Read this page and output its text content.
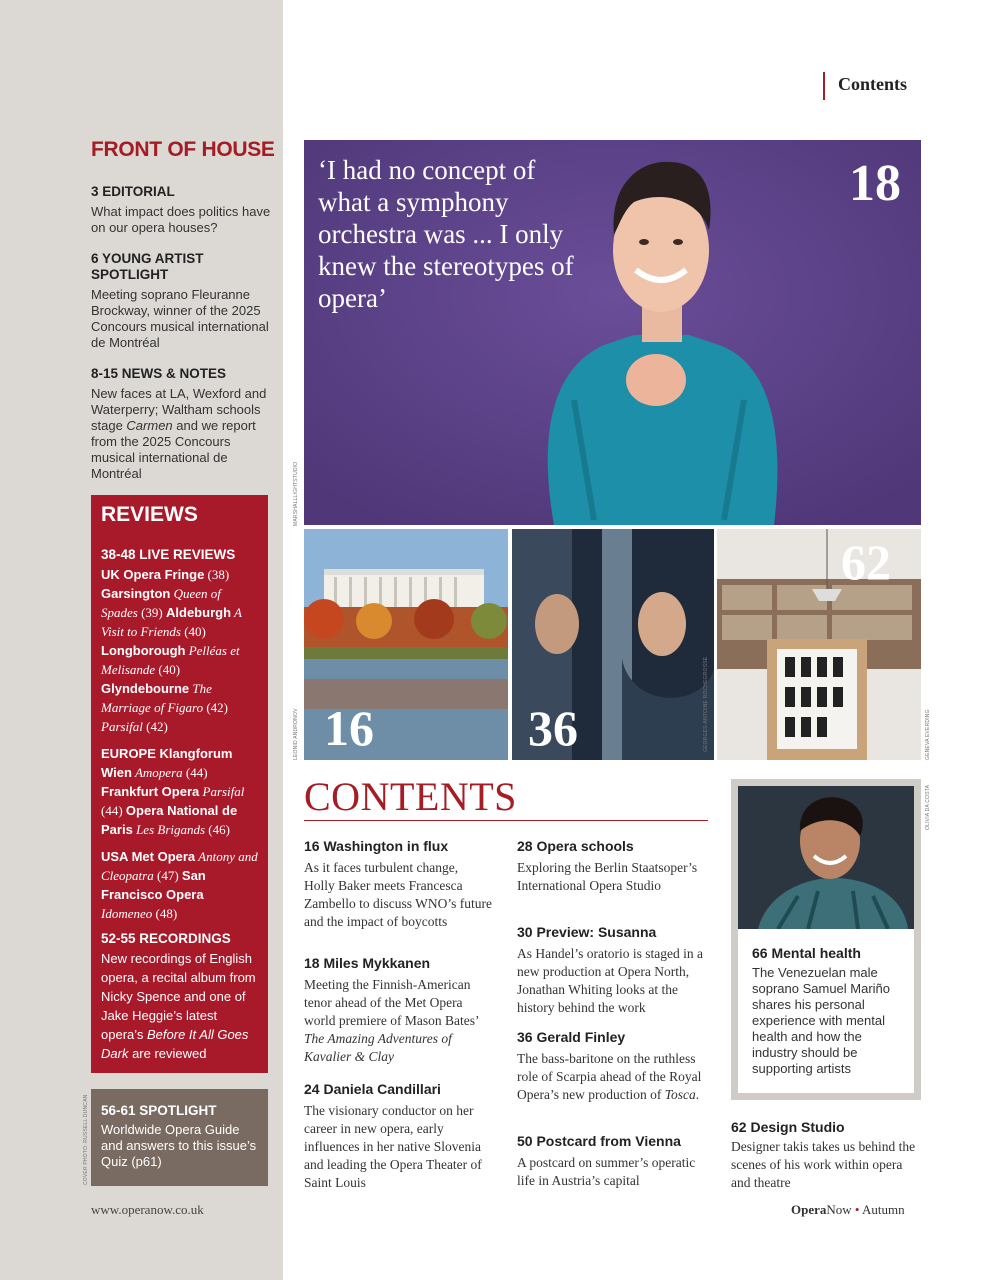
FRONT OF HOUSE
3 EDITORIAL
What impact does politics have on our opera houses?
6 YOUNG ARTIST SPOTLIGHT
Meeting soprano Fleuranne Brockway, winner of the 2025 Concours musical international de Montréal
8-15 NEWS & NOTES
New faces at LA, Wexford and Waterperry; Waltham schools stage Carmen and we report from the 2025 Concours musical international de Montréal
REVIEWS
38-48 LIVE REVIEWS
UK Opera Fringe (38) Garsington Queen of Spades (39) Aldeburgh A Visit to Friends (40) Longborough Pelléas et Melisande (40) Glyndebourne The Marriage of Figaro (42) Parsifal (42)
EUROPE Klangforum Wien Amopera (44) Frankfurt Opera Parsifal (44) Opera National de Paris Les Brigands (46)
USA Met Opera Antony and Cleopatra (47) San Francisco Opera Idomeneo (48)
52-55 RECORDINGS
New recordings of English opera, a recital album from Nicky Spence and one of Jake Heggie’s latest opera’s Before It All Goes Dark are reviewed
56-61 SPOTLIGHT
Worldwide Opera Guide and answers to this issue’s Quiz (p61)
COVER PHOTO: RUSSELL DUNCAN
www.operanow.co.uk
Contents
‘I had no concept of what a symphony orchestra was ... I only knew the stereotypes of opera’
18
MARSHALLLIGHTSTUDIO
16
LEONID ANDRONOV	36	GEORGES-ANTOINE ROCHEGROSSE
62
GENEVA EVERDING
CONTENTS
16 Washington in flux
As it faces turbulent change, Holly Baker meets Francesca Zambello to discuss WNO’s future and the impact of boycotts
18 Miles Mykkanen
Meeting the Finnish-American tenor ahead of the Met Opera world premiere of Mason Bates’ The Amazing Adventures of Kavalier & Clay
24 Daniela Candillari
The visionary conductor on her career in new opera, early influences in her native Slovenia and leading the Opera Theater of Saint Louis
28 Opera schools
Exploring the Berlin Staatsoper’s International Opera Studio
30 Preview: Susanna
As Handel’s oratorio is staged in a new production at Opera North, Jonathan Whiting looks at the history behind the work
36 Gerald Finley
The bass-baritone on the ruthless role of Scarpia ahead of the Royal Opera’s new production of Tosca.
50 Postcard from Vienna
A postcard on summer’s operatic life in Austria’s capital
66 Mental health
The Venezuelan male soprano Samuel Mariño shares his personal experience with mental health and how the industry should be supporting artists
OLIVIA DA COSTA
62 Design Studio
Designer takis takes us behind the scenes of his work within opera and theatre
OperaNow • Autumn
